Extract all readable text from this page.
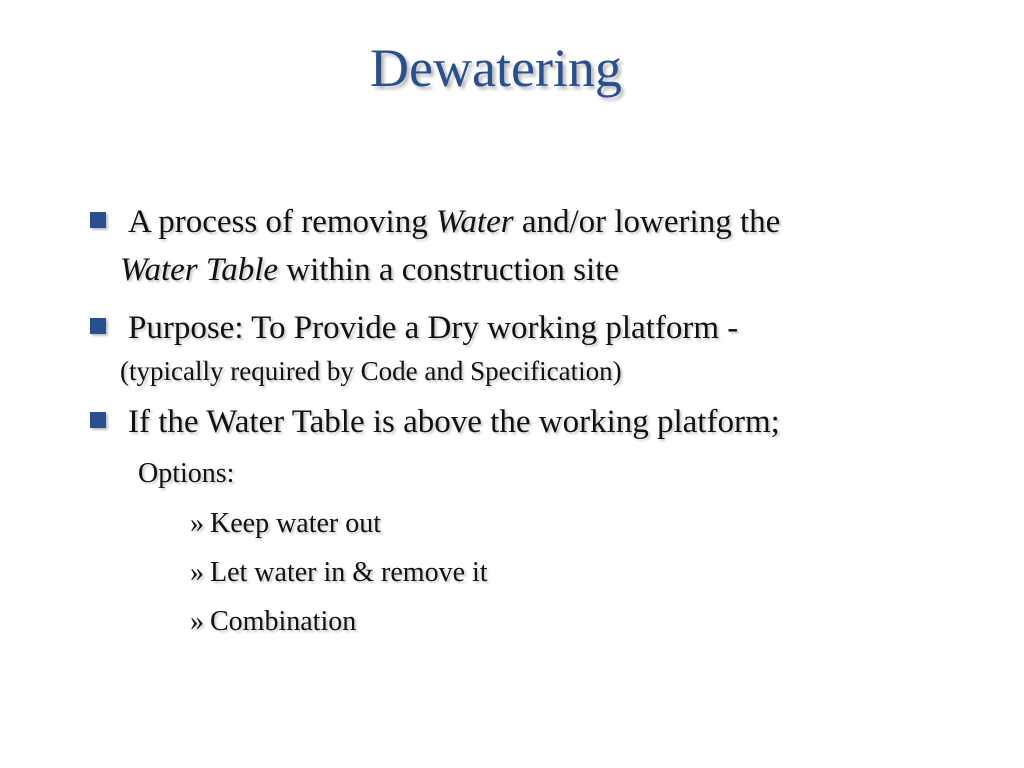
Dewatering
A process of removing Water and/or lowering the
Water Table within a construction site
Purpose: To Provide a Dry working platform -
(typically required by Code and Specification)
If the Water Table is above the working platform;
Options:
» Keep water out
» Let water in & remove it
» Combination
